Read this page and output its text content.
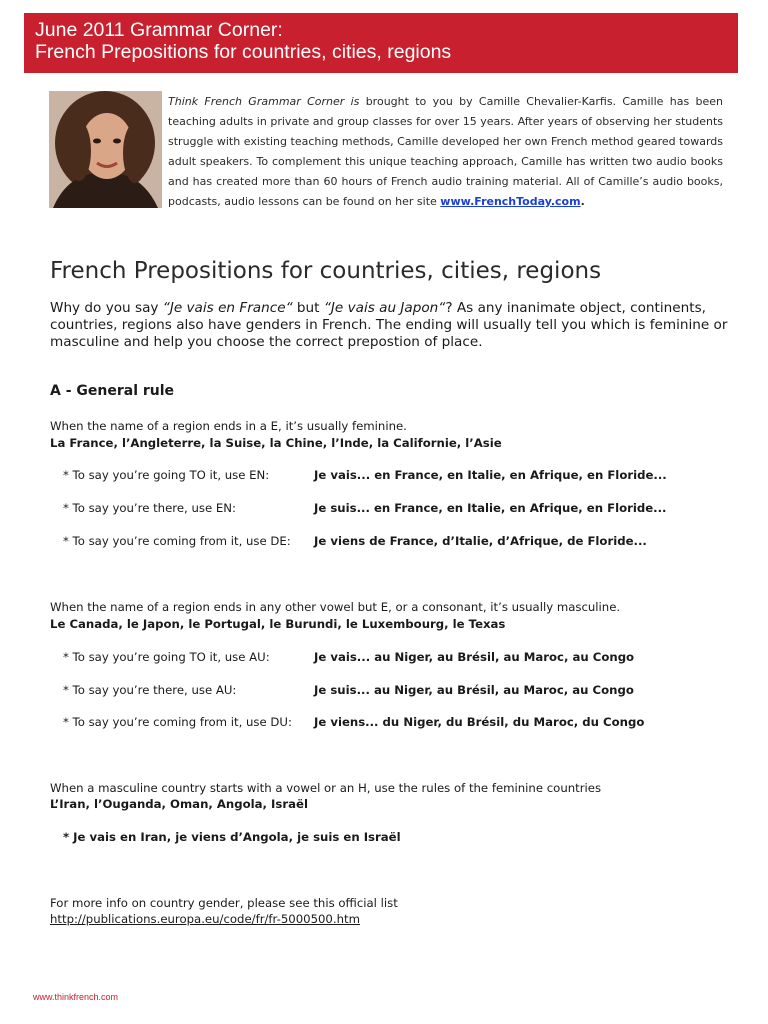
June 2011 Grammar Corner:
French Prepositions for countries, cities, regions
Think French Grammar Corner is brought to you by Camille Chevalier-Karfis. Camille has been teaching adults in private and group classes for over 15 years. After years of observing her students struggle with existing teaching methods, Camille developed her own French method geared towards adult speakers. To complement this unique teaching approach, Camille has written two audio books and has created more than 60 hours of French audio training material. All of Camille’s audio books, podcasts, audio lessons can be found on her site www.FrenchToday.com.
French Prepositions for countries, cities, regions
Why do you say “Je vais en France“ but “Je vais au Japon“? As any inanimate object, continents, countries, regions also have genders in French. The ending will usually tell you which is feminine or masculine and help you choose the correct prepostion of place.
A - General rule
When the name of a region ends in a E, it’s usually feminine.
La France, l’Angleterre, la Suise, la Chine, l’Inde, la Californie, l’Asie
* To say you’re going TO it, use EN:	Je vais... en France, en Italie, en Afrique, en Floride...
* To say you’re there, use EN:	Je suis... en France, en Italie, en Afrique, en Floride...
* To say you’re coming from it, use DE: Je viens de France, d’Italie, d’Afrique, de Floride...
When the name of a region ends in any other vowel but E, or a consonant, it’s usually masculine.
Le Canada, le Japon, le Portugal, le Burundi, le Luxembourg, le Texas
* To say you’re going TO it, use AU:	Je vais... au Niger, au Brésil, au Maroc, au Congo
* To say you’re there, use AU:	Je suis... au Niger, au Brésil, au Maroc, au Congo
* To say you’re coming from it, use DU: Je viens... du Niger, du Brésil, du Maroc, du Congo
When a masculine country starts with a vowel or an H, use the rules of the feminine countries
L’Iran, l’Ouganda, Oman, Angola, Israël
* Je vais en Iran, je viens d’Angola, je suis en Israël
For more info on country gender, please see this official list
http://publications.europa.eu/code/fr/fr-5000500.htm
www.thinkfrench.com
